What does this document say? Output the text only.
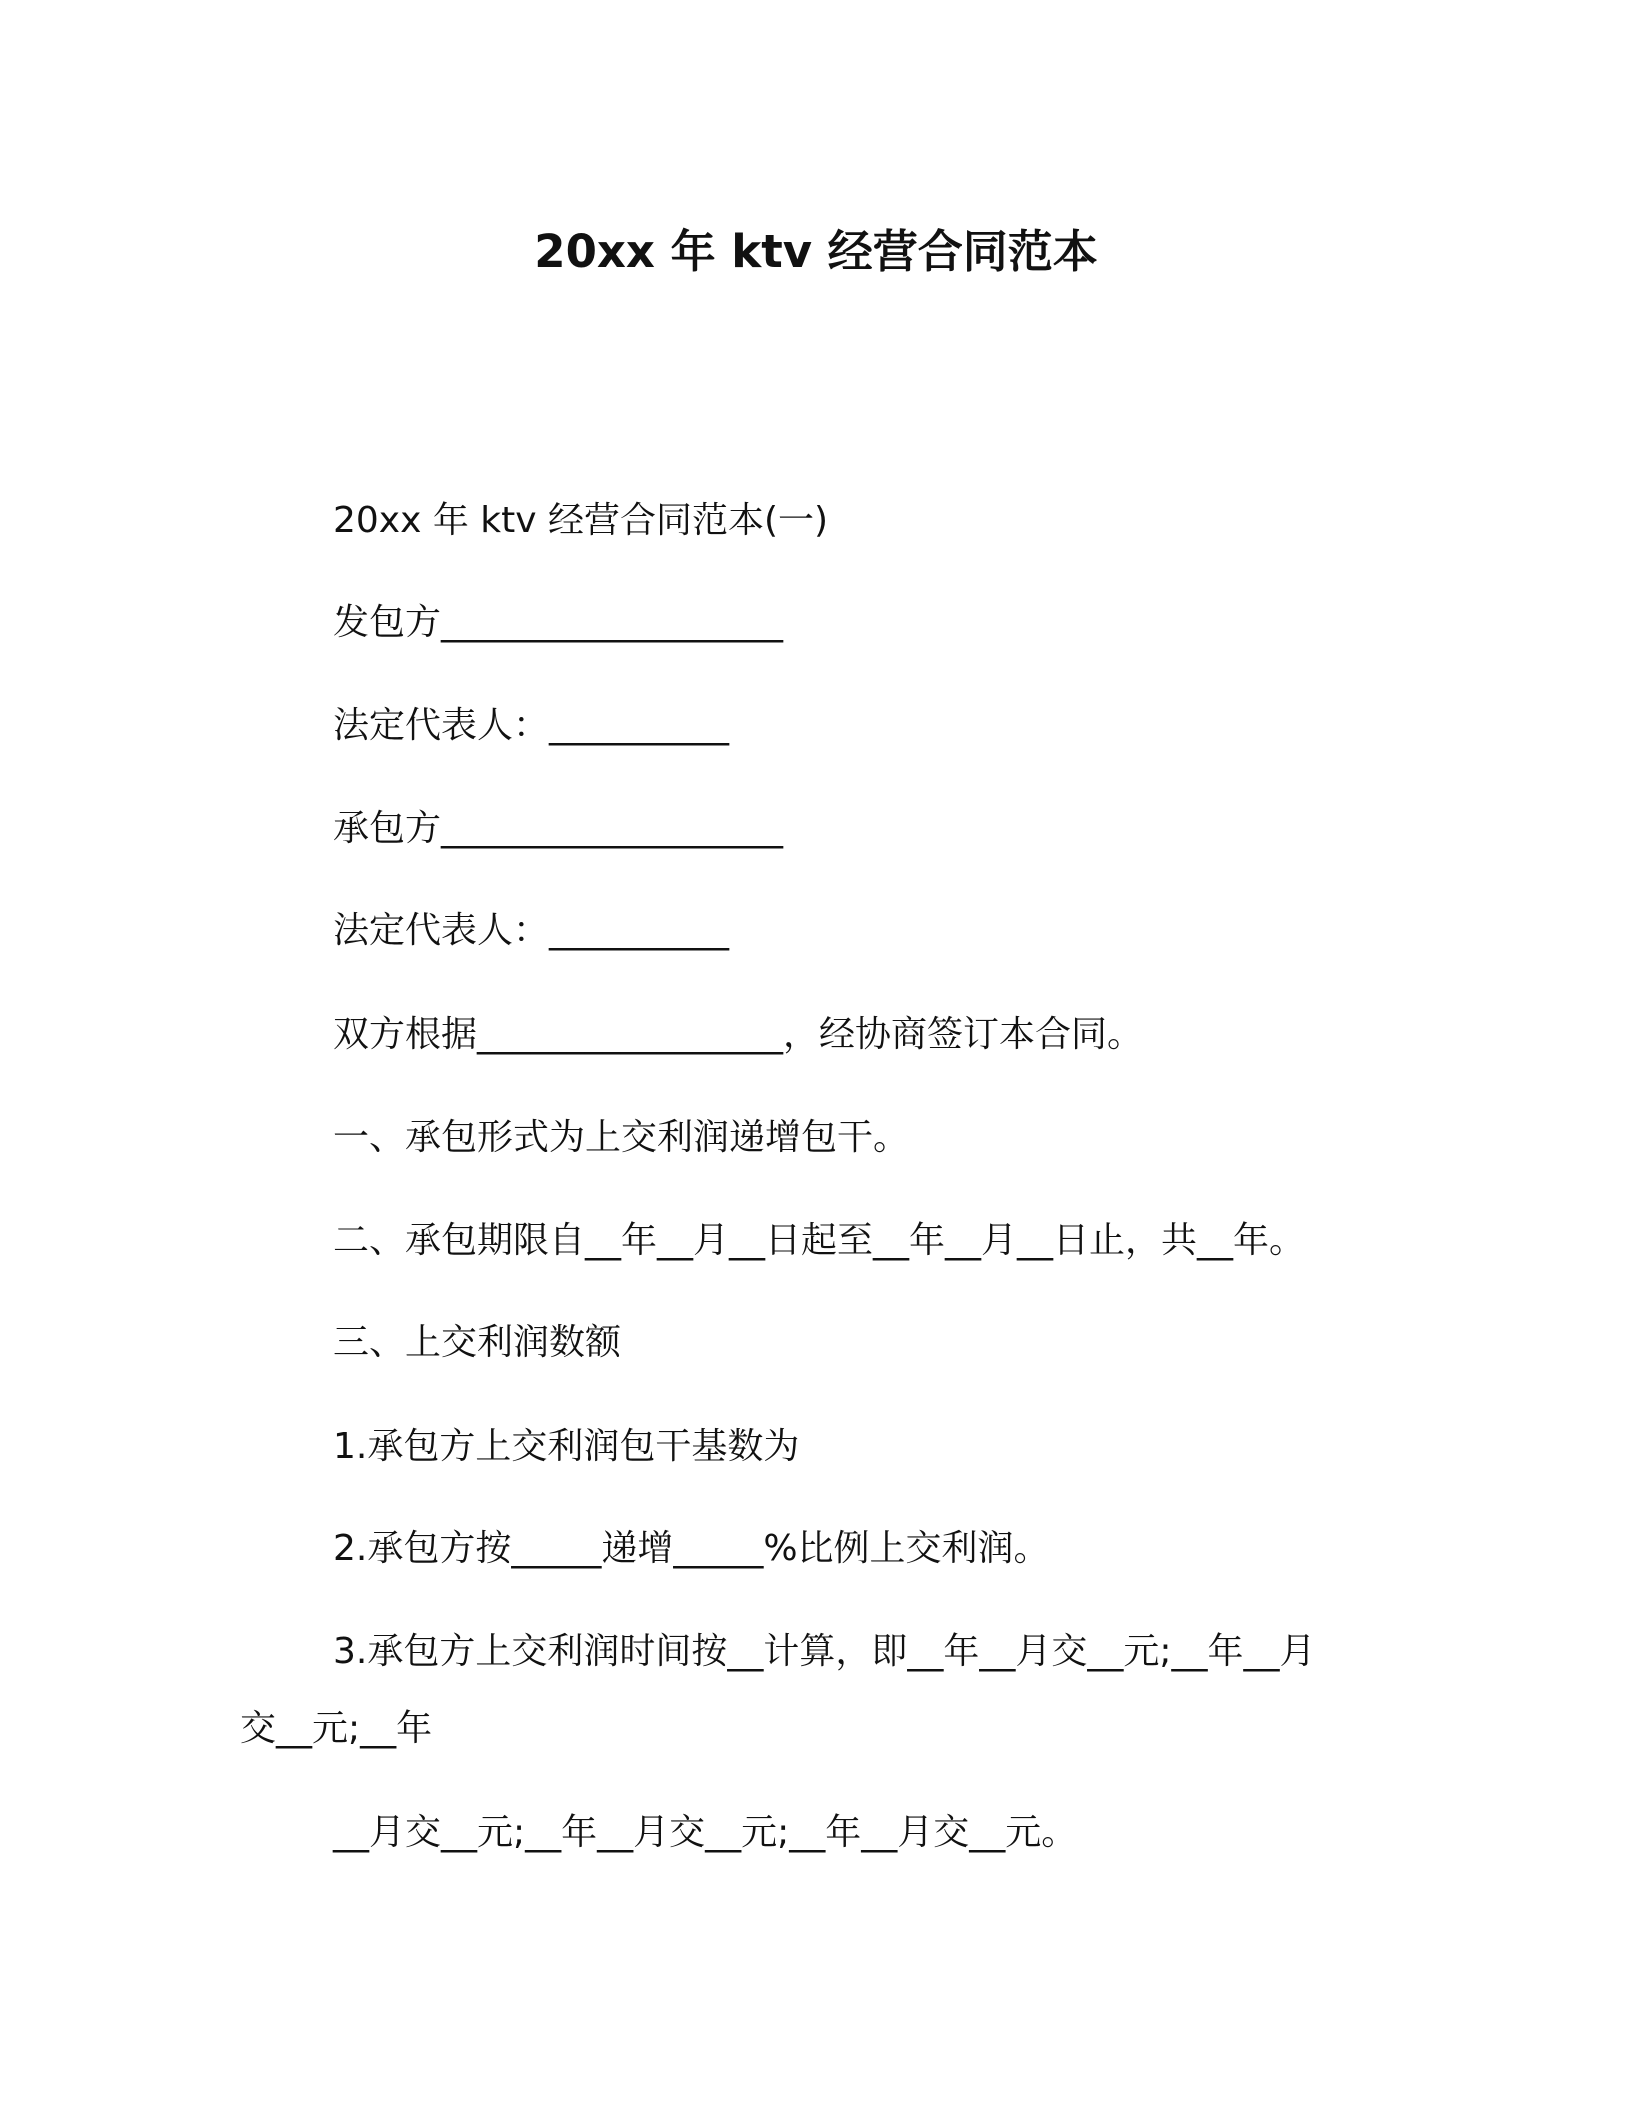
20xx 年 ktv 经营合同范本
20xx 年 ktv 经营合同范本(一)
发包方___________________
法定代表人：__________
承包方___________________
法定代表人：__________
双方根据_________________，经协商签订本合同。
一、承包形式为上交利润递增包干。
二、承包期限自__年__月__日起至__年__月__日止，共__年。
三、上交利润数额
1.承包方上交利润包干基数为
2.承包方按_____递增_____%比例上交利润。
3.承包方上交利润时间按__计算，即__年__月交__元;__年__月
交__元;__年
__月交__元;__年__月交__元;__年__月交__元。
